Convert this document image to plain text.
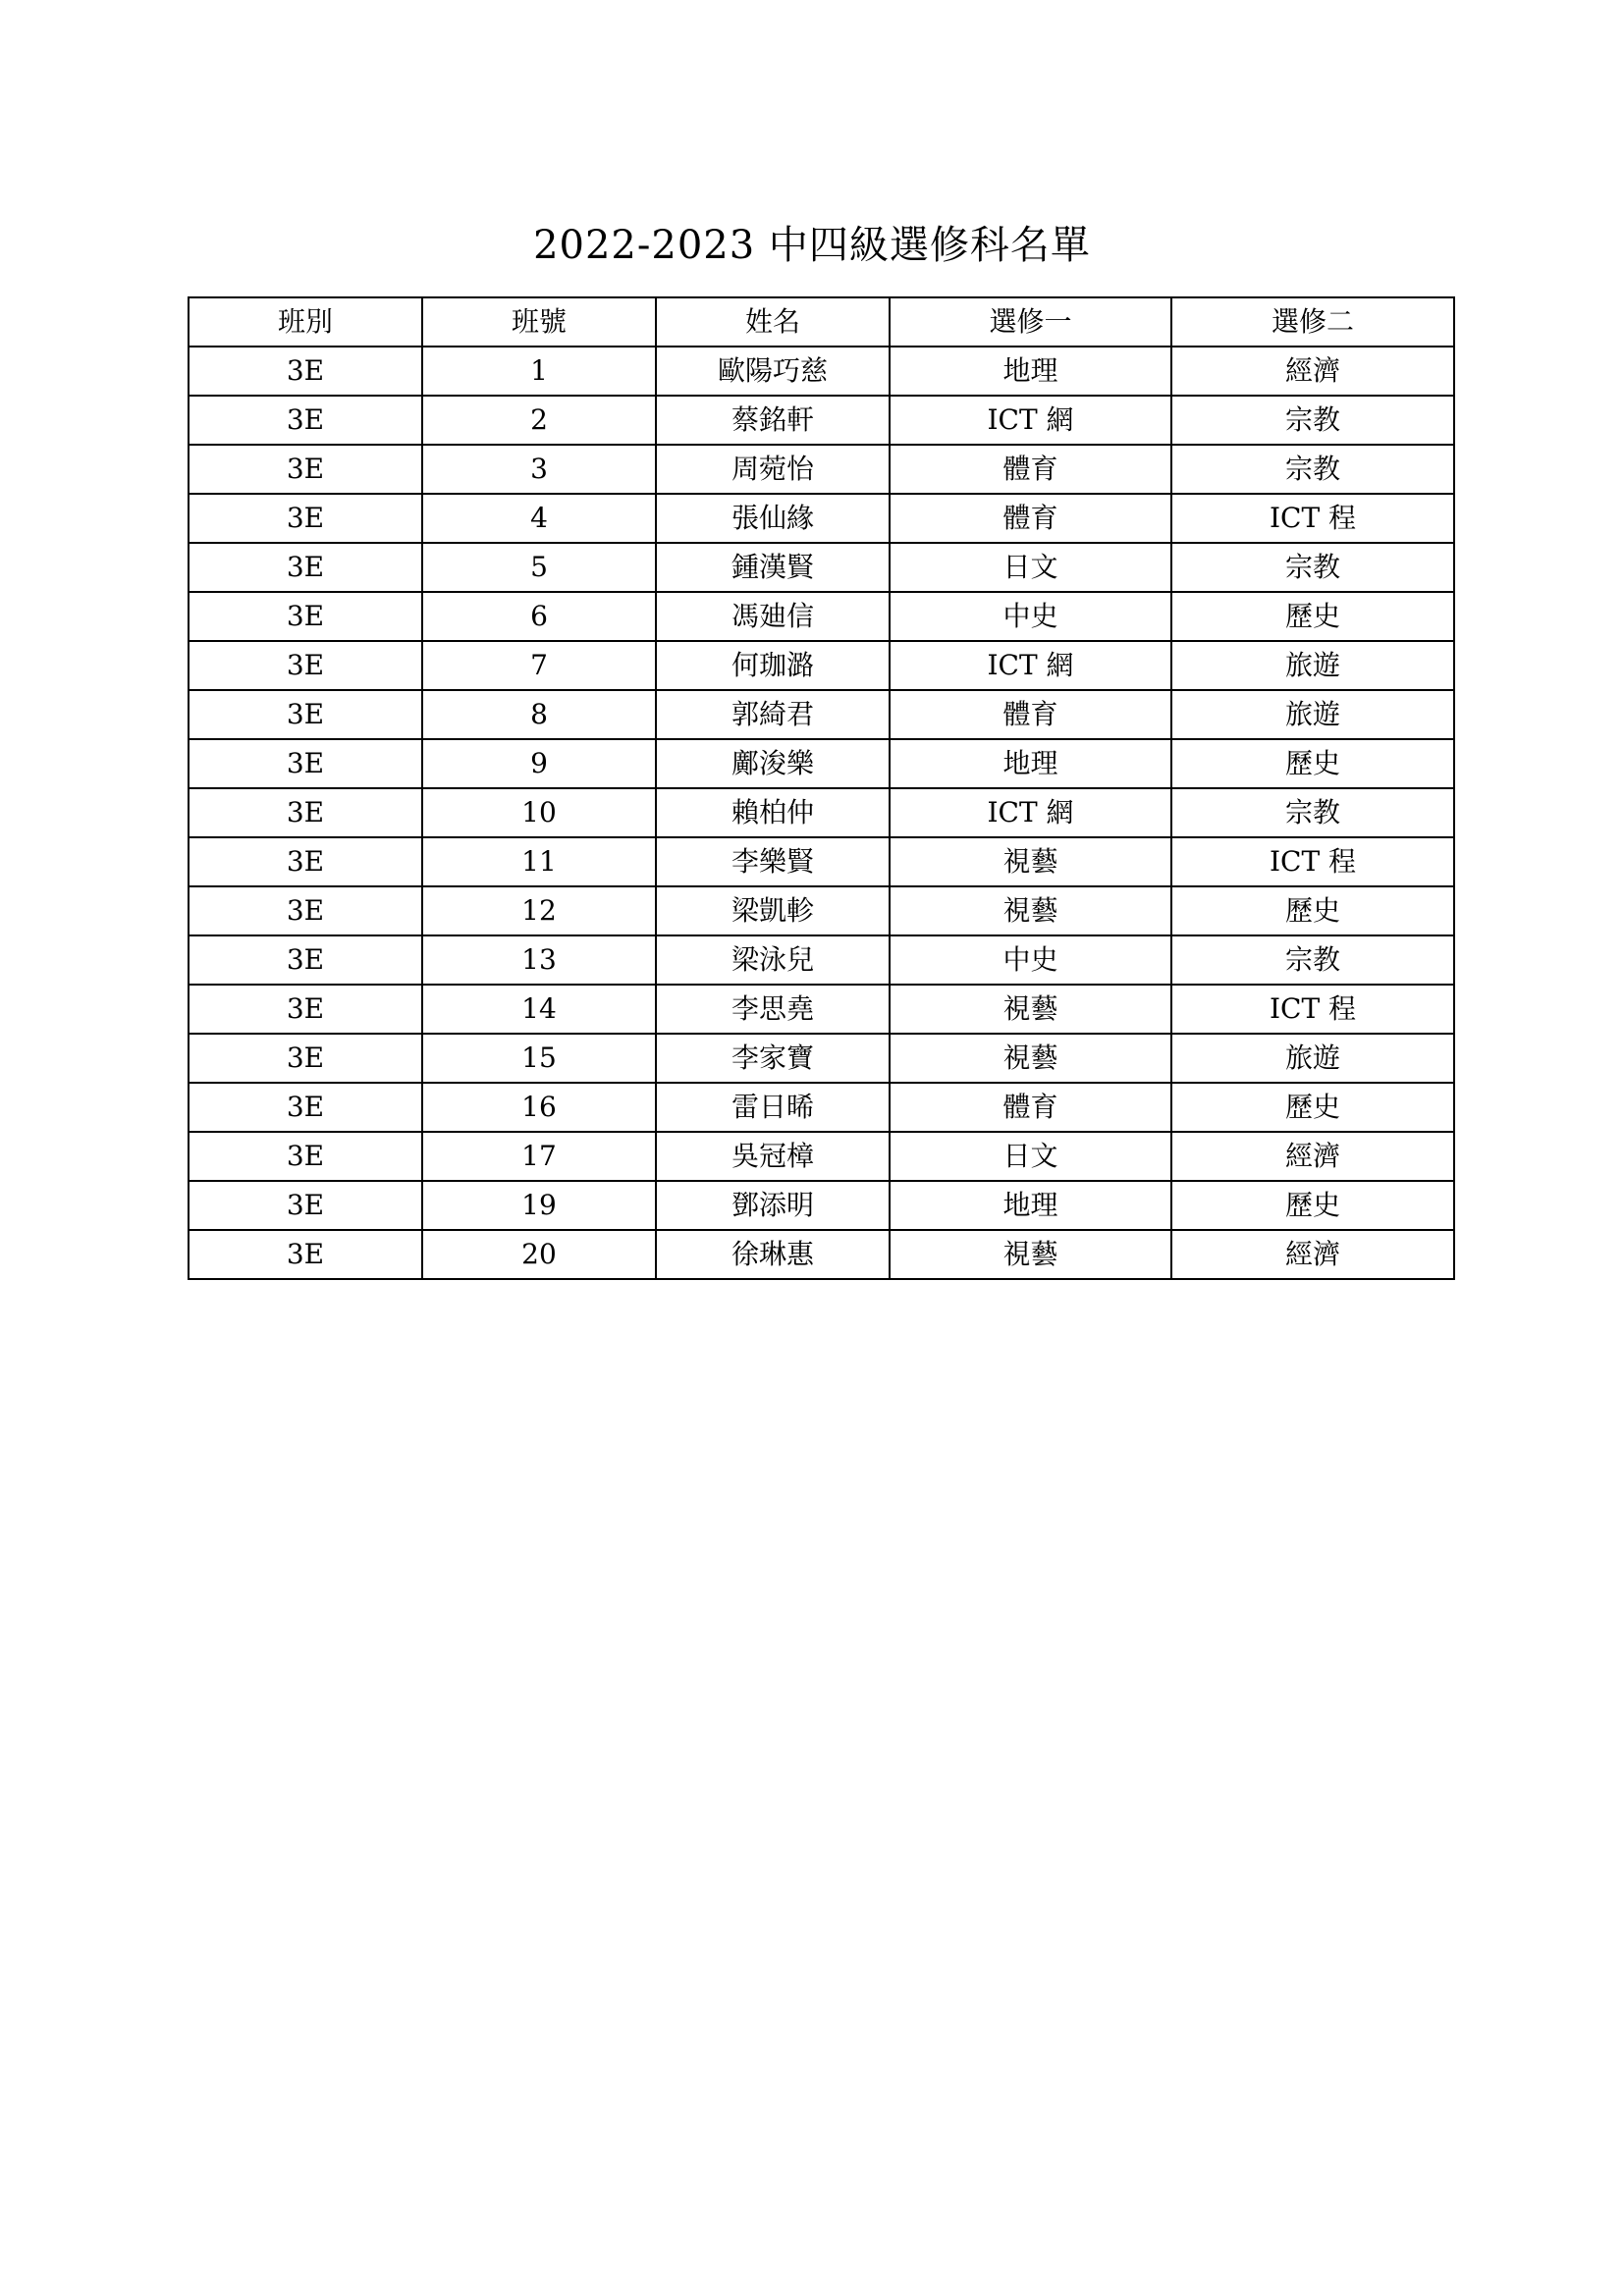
2022-2023 中四級選修科名單
班別	班號	姓名	選修一	選修二
3E	1	歐陽巧慈	地理	經濟
3E	2	蔡銘軒	ICT 網	宗教
3E	3	周菀怡	體育	宗教
3E	4	張仙緣	體育	ICT 程
3E	5	鍾漢賢	日文	宗教
3E	6	馮廸信	中史	歷史
3E	7	何珈潞	ICT 網	旅遊
3E	8	郭綺君	體育	旅遊
3E	9	鄺浚樂	地理	歷史
3E	10	賴柏仲	ICT 網	宗教
3E	11	李樂賢	視藝	ICT 程
3E	12	梁凱軫	視藝	歷史
3E	13	梁泳兒	中史	宗教
3E	14	李思堯	視藝	ICT 程
3E	15	李家寶	視藝	旅遊
3E	16	雷日晞	體育	歷史
3E	17	吳冠樟	日文	經濟
3E	19	鄧添明	地理	歷史
3E	20	徐琳惠	視藝	經濟
